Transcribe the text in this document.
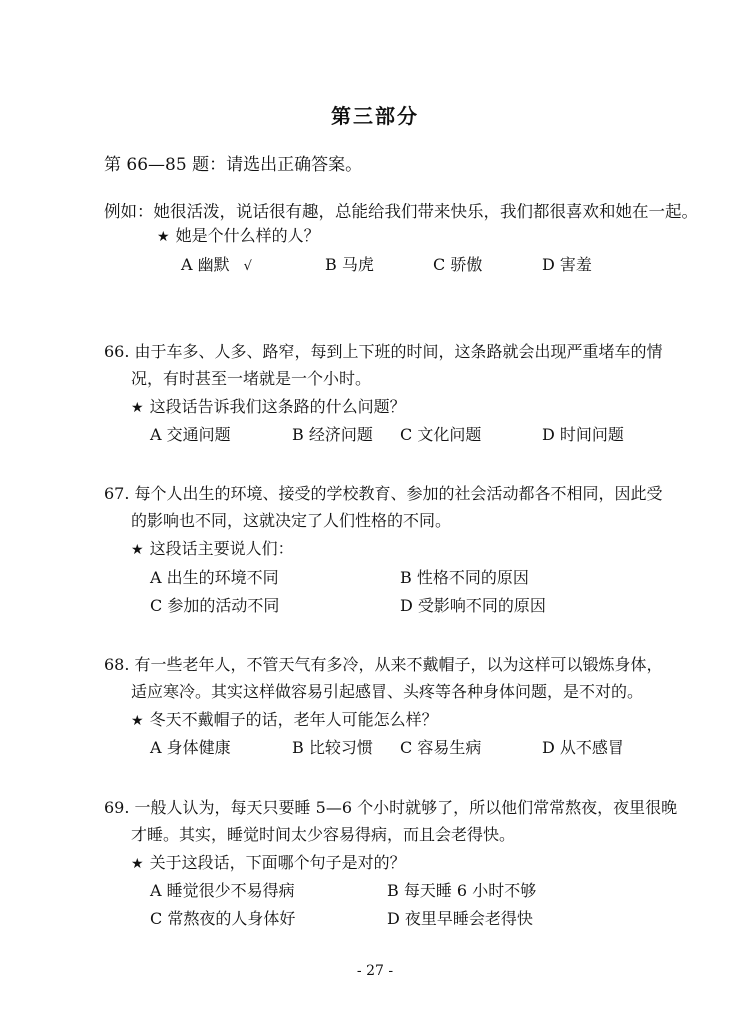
第三部分
第 66—85 题：请选出正确答案。
例如：她很活泼，说话很有趣，总能给我们带来快乐，我们都很喜欢和她在一起。
★ 她是个什么样的人？
A 幽默 √	B 马虎	C 骄傲	D 害羞
66. 由于车多、人多、路窄，每到上下班的时间，这条路就会出现严重堵车的情
况，有时甚至一堵就是一个小时。
★ 这段话告诉我们这条路的什么问题？
A 交通问题	B 经济问题 C 文化问题	D 时间问题
67. 每个人出生的环境、接受的学校教育、参加的社会活动都各不相同，因此受
的影响也不同，这就决定了人们性格的不同。
★ 这段话主要说人们：
A 出生的环境不同	B 性格不同的原因
C 参加的活动不同	D 受影响不同的原因
68. 有一些老年人，不管天气有多冷，从来不戴帽子，以为这样可以锻炼身体，
适应寒冷。其实这样做容易引起感冒、头疼等各种身体问题，是不对的。
★ 冬天不戴帽子的话，老年人可能怎么样？
A 身体健康	B 比较习惯 C 容易生病	D 从不感冒
69. 一般人认为，每天只要睡 5—6 个小时就够了，所以他们常常熬夜，夜里很晚
才睡。其实，睡觉时间太少容易得病，而且会老得快。
★ 关于这段话，下面哪个句子是对的？
A 睡觉很少不易得病	B 每天睡 6 小时不够
C 常熬夜的人身体好	D 夜里早睡会老得快
- 27 -
